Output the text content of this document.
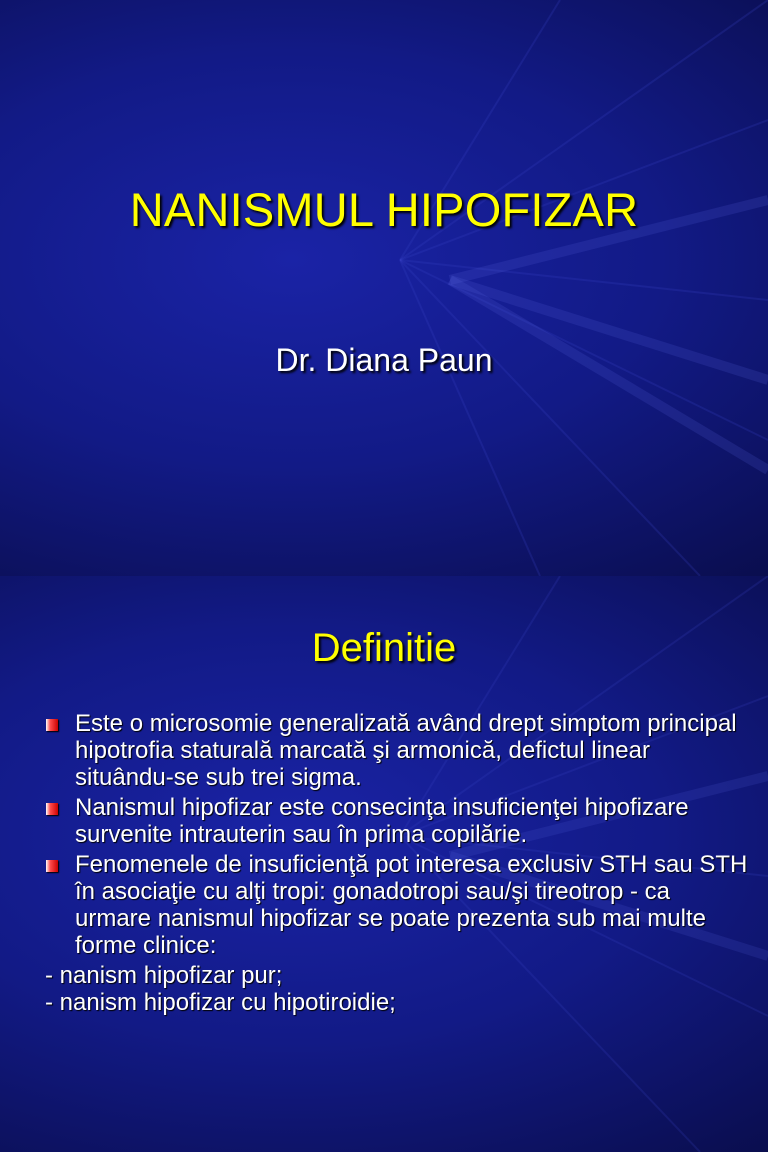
NANISMUL HIPOFIZAR
Dr. Diana Paun
Definitie
Este o microsomie generalizată având drept simptom principal hipotrofia staturală marcată şi armonică, defictul linear situându-se sub trei sigma.
Nanismul hipofizar este consecinţa insuficienţei hipofizare survenite intrauterin sau în prima copilărie.
Fenomenele de insuficienţă pot interesa exclusiv STH sau STH în asociaţie cu alţi tropi: gonadotropi sau/şi tireotrop - ca urmare nanismul hipofizar se poate prezenta sub mai multe forme clinice:
- nanism hipofizar pur;
- nanism hipofizar cu hipotiroidie;
